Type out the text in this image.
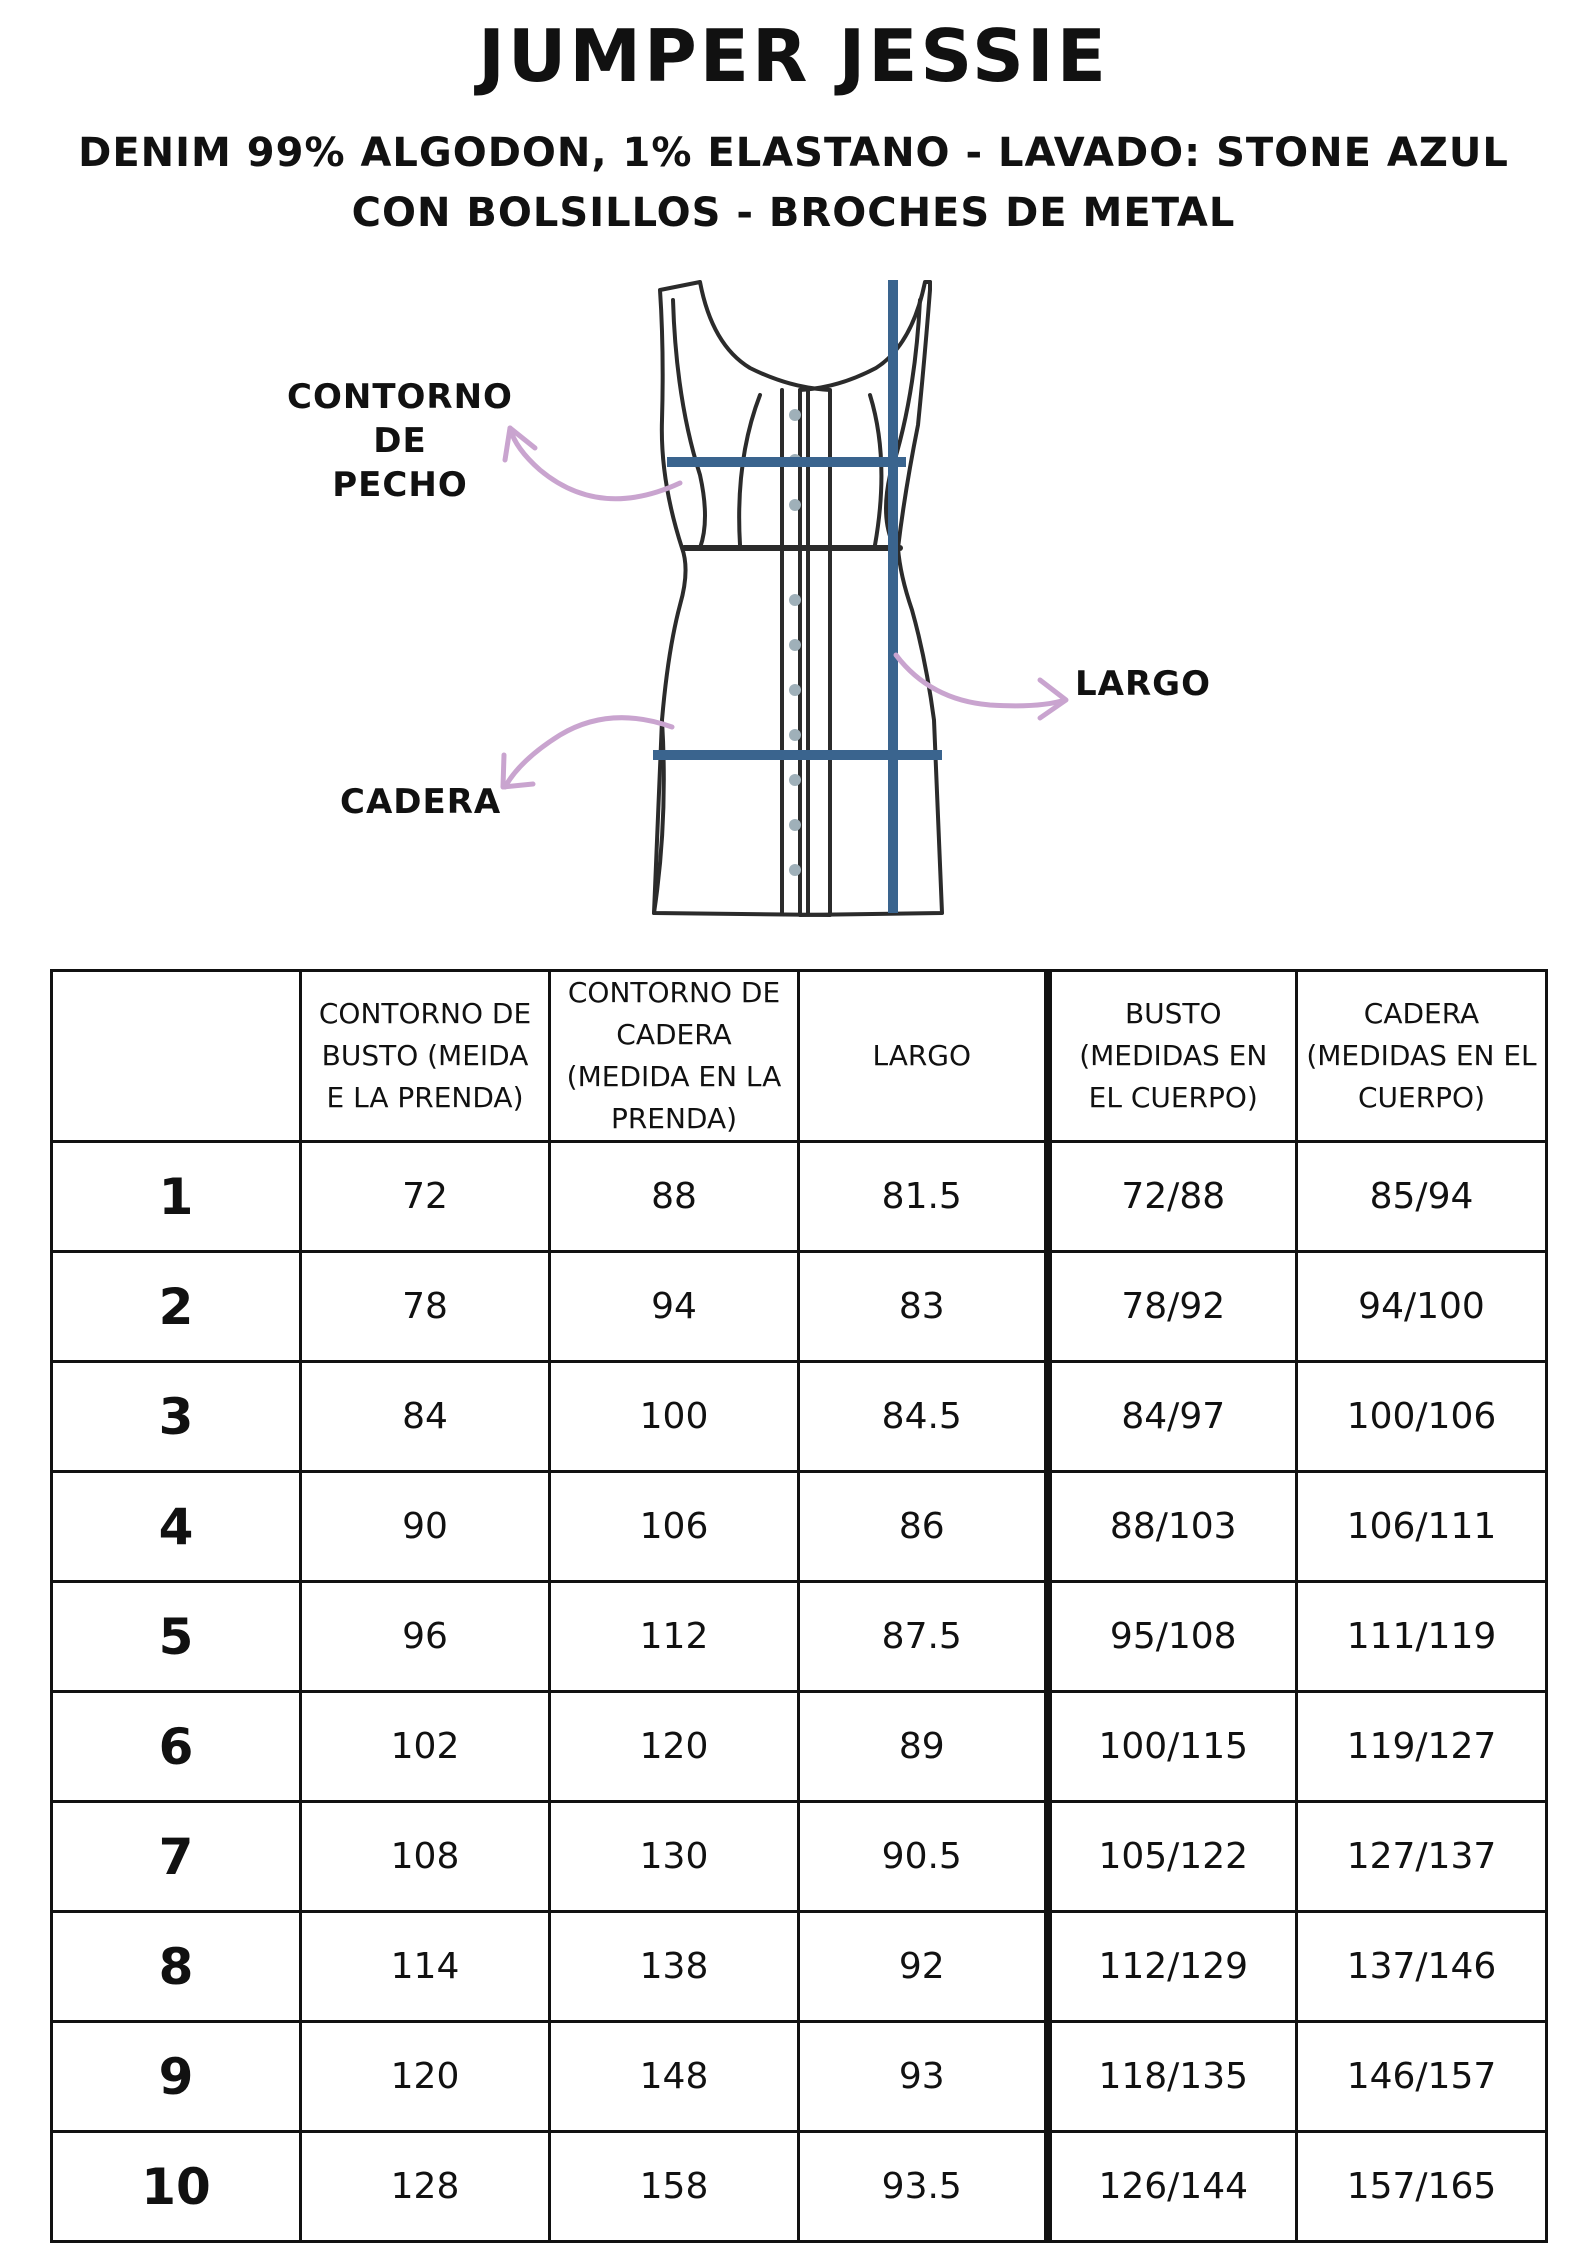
JUMPER JESSIE
DENIM 99% ALGODON, 1% ELASTANO - LAVADO: STONE AZUL
CON BOLSILLOS - BROCHES DE METAL
CONTORNO DE
PECHO
LARGO
CADERA
	CONTORNO DE BUSTO (MEIDA E LA PRENDA)	CONTORNO DE CADERA (MEDIDA EN LA PRENDA)	LARGO	BUSTO (MEDIDAS EN EL CUERPO)	CADERA (MEDIDAS EN EL CUERPO)
1	72	88	81.5	72/88	85/94
2	78	94	83	78/92	94/100
3	84	100	84.5	84/97	100/106
4	90	106	86	88/103	106/111
5	96	112	87.5	95/108	111/119
6	102	120	89	100/115	119/127
7	108	130	90.5	105/122	127/137
8	114	138	92	112/129	137/146
9	120	148	93	118/135	146/157
10	128	158	93.5	126/144	157/165
